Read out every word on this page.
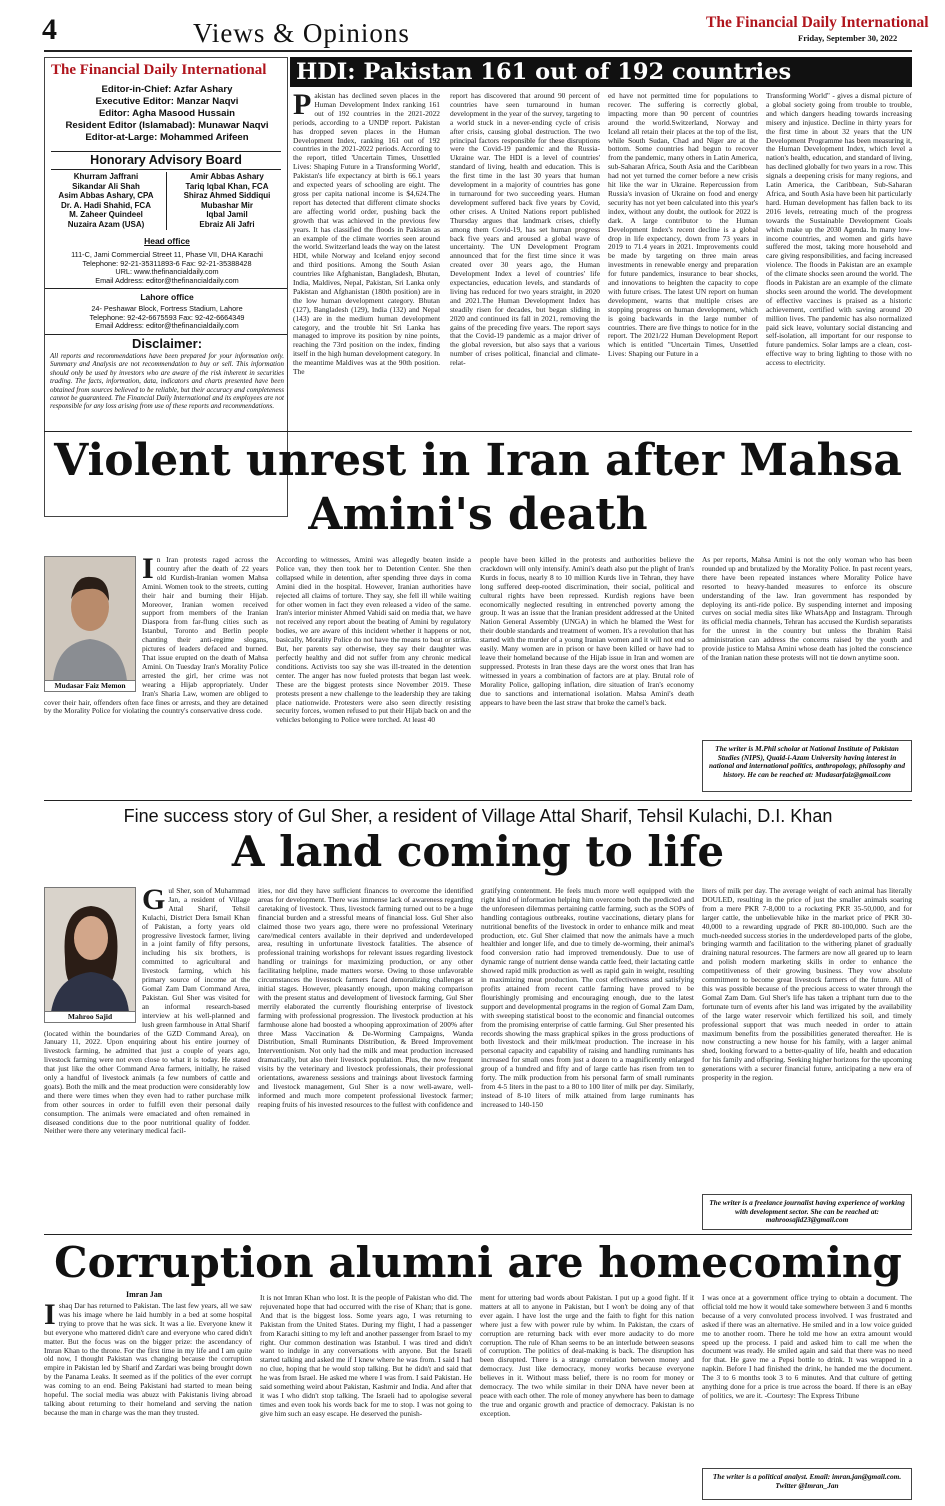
4	Views & Opinions	The Financial Daily International
Friday, September 30, 2022
The Financial Daily International
Editor-in-Chief: Azfar Ashary
Executive Editor: Manzar Naqvi
Editor: Agha Masood Hussain
Resident Editor (Islamabad): Munawar Naqvi
Editor-at-Large: Mohammed Arifeen
Honorary Advisory Board
Khurram Jaffrani
Sikandar Ali Shah
Asim Abbas Ashary, CPA
Dr. A. Hadi Shahid, FCA
M. Zaheer Quindeel
Nuzaira Azam (USA)
Amir Abbas Ashary
Tariq Iqbal Khan, FCA
Shiraz Ahmed Siddiqui
Mubashar Mir
Iqbal Jamil
Ebraiz Ali Jafri
Head office
111-C, Jami Commercial Street 11, Phase VII, DHA Karachi
Telephone: 92-21-35311893-6 Fax: 92-21-35388428
URL: www.thefinancialdaily.com
Email Address: editor@thefinancialdaily.com
Lahore office
24- Peshawar Block, Fortress Stadium, Lahore
Telephone: 92-42-6675593 Fax: 92-42-6664349
Email Address: editor@thefinancialdaily.com
Disclaimer:
All reports and recommendations have been prepared for your information only. Summary and Analysis are not recommendation to buy or sell. This information should only be used by investors who are aware of the risk inherent in securities trading. The facts, information, data, indicators and charts presented have been obtained from sources believed to be reliable, but their accuracy and completeness cannot be guaranteed. The Financial Daily International and its employees are not responsible for any loss arising from use of these reports and recommendations.
HDI: Pakistan 161 out of 192 countries
Pakistan has declined seven places in the Human Development Index ranking 161 out of 192 countries in the 2021-2022 periods, according to a UNDP report. Pakistan has dropped seven places in the Human Development Index, ranking 161 out of 192 countries in the 2021-2022 periods. According to the report, titled 'Uncertain Times, Unsettled Lives: Shaping Future in a Transforming World', Pakistan's life expectancy at birth is 66.1 years and expected years of schooling are eight. The gross per capita national income is $4,624.The report has detected that different climate shocks are affecting world order, pushing back the growth that was achieved in the previous few years. It has classified the floods in Pakistan as an example of the climate worries seen around the world. Switzerland leads the way on the latest HDI, while Norway and Iceland enjoy second and third positions. Among the South Asian countries like Afghanistan, Bangladesh, Bhutan, India, Maldives, Nepal, Pakistan, Sri Lanka only Pakistan and Afghanistan (180th position) are in the low human development category. Bhutan (127), Bangladesh (129), India (132) and Nepal (143) are in the medium human development category, and the trouble hit Sri Lanka has managed to improve its position by nine points, reaching the 73rd position on the index, finding itself in the high human development category. In the meantime Maldives was at the 90th position. The
report has discovered that around 90 percent of countries have seen turnaround in human development in the year of the survey, targeting to a world stuck in a never-ending cycle of crisis after crisis, causing global destruction. The two principal factors responsible for these disruptions were the Covid-19 pandemic and the Russia-Ukraine war. The HDI is a level of countries' standard of living, health and education. This is the first time in the last 30 years that human development in a majority of countries has gone in turnaround for two succeeding years. Human development suffered back five years by Covid, other crises. A United Nations report published Thursday argues that landmark crises, chiefly among them Covid-19, has set human progress back five years and aroused a global wave of uncertainty. The UN Development Program announced that for the first time since it was created over 30 years ago, the Human Development Index a level of countries' life expectancies, education levels, and standards of living has reduced for two years straight, in 2020 and 2021.The Human Development Index has steadily risen for decades, but began sliding in 2020 and continued its fall in 2021, removing the gains of the preceding five years. The report says that the Covid-19 pandemic as a major driver of the global reversion, but also says that a various number of crises political, financial and climate-relat-
ed have not permitted time for populations to recover. The suffering is correctly global, impacting more than 90 percent of countries around the world.Switzerland, Norway and Iceland all retain their places at the top of the list, while South Sudan, Chad and Niger are at the bottom. Some countries had begun to recover from the pandemic, many others in Latin America, sub-Saharan Africa, South Asia and the Caribbean had not yet turned the corner before a new crisis hit like the war in Ukraine. Repercussion from Russia's invasion of Ukraine on food and energy security has not yet been calculated into this year's index, without any doubt, the outlook for 2022 is dark. A large contributor to the Human Development Index's recent decline is a global drop in life expectancy, down from 73 years in 2019 to 71.4 years in 2021. Improvements could be made by targeting on three main areas investments in renewable energy and preparation for future pandemics, insurance to bear shocks, and innovations to heighten the capacity to cope with future crises. The latest UN report on human development, warns that multiple crises are stopping progress on human development, which is going backwards in the large number of countries. There are five things to notice for in the report. The 2021/22 Human Development Report which is entitled "Uncertain Times, Unsettled Lives: Shaping our Future in a
Transforming World" - gives a dismal picture of a global society going from trouble to trouble, and which dangers heading towards increasing misery and injustice. Decline in thirty years for the first time in about 32 years that the UN Development Programme has been measuring it, the Human Development Index, which level a nation's health, education, and standard of living, has declined globally for two years in a row. This signals a deepening crisis for many regions, and Latin America, the Caribbean, Sub-Saharan Africa, and South Asia have been hit particularly hard. Human development has fallen back to its 2016 levels, retreating much of the progress towards the Sustainable Development Goals which make up the 2030 Agenda. In many low-income countries, and women and girls have suffered the most, taking more household and care giving responsibilities, and facing increased violence. The floods in Pakistan are an example of the climate shocks seen around the world. The floods in Pakistan are an example of the climate shocks seen around the world. The development of effective vaccines is praised as a historic achievement, certified with saving around 20 million lives. The pandemic has also normalized paid sick leave, voluntary social distancing and self-isolation, all important for our response to future pandemics. Solar lamps are a clean, cost-effective way to bring lighting to those with no access to electricity.
Violent unrest in Iran after Mahsa
Amini's death
Mudasar Faiz Memon
In Iran protests raged across the country after the death of 22 years old Kurdish-Iranian women Mahsa Amini. Women took to the streets, cutting their hair and burning their Hijab. Moreover, Iranian women received support from members of the Iranian Diaspora from far-flung cities such as Istanbul, Toronto and Berlin people chanting their anti-regime slogans, pictures of leaders defaced and burned. That issue erupted on the death of Mahsa Amini. On Tuesday Iran's Morality Police arrested the girl, her crime was not wearing a Hijab appropriately. Under Iran's Sharia Law, women are obliged to cover their hair, offenders often face fines or arrests, and they are detained by the Morality Police for violating the country's conservative dress code.
According to witnesses, Amini was allegedly beaten inside a Police van, they then took her to Detention Center. She then collapsed while in detention, after spending three days in coma Amini died in the hospital. However, Iranian authorities have rejected all claims of torture. They say, she fell ill while waiting for other women in fact they even released a video of the same. Iran's interior minister Ahmed Vahidi said on media that, we have not received any report about the beating of Amini by regulatory bodies, we are aware of this incident whether it happens or not, basically, Morality Police do not have the means to beat or strike. But, her parents say otherwise, they say their daughter was perfectly healthy and did not suffer from any chronic medical conditions. Activists too say she was ill-treated in the detention center. The anger has now fueled protests that began last week. These are the biggest protests since November 2019. These protests present a new challenge to the leadership they are taking place nationwide. Protesters were also seen directly resisting security forces, women refused to put their Hijab back on and the vehicles belonging to Police were torched. At least 40
people have been killed in the protests and authorities believe the crackdown will only intensify. Amini's death also put the plight of Iran's Kurds in focus, nearly 8 to 10 million Kurds live in Tehran, they have long suffered deep-rooted discrimination, their social, political and cultural rights have been repressed. Kurdish regions have been economically neglected resulting in entrenched poverty among the group. It was an issue that the Iranian president addressed at the United Nation General Assembly (UNGA) in which he blamed the West for their double standards and treatment of women. It's a revolution that has started with the murder of a young Iranian women and it will not end so easily. Many women are in prison or have been killed or have had to leave their homeland because of the Hijab issue in Iran and women are suppressed. Protests in Iran these days are the worst ones that Iran has witnessed in years a combination of factors are at play. Brutal role of Morality Police, galloping inflation, dire situation of Iran's economy due to sanctions and international isolation. Mahsa Amini's death appears to have been the last straw that broke the camel's back.
As per reports, Mahsa Amini is not the only woman who has been rounded up and brutalized by the Morality Police. In past recent years, there have been repeated instances where Morality Police have resorted to heavy-handed measures to enforce its obscure understanding of the law. Iran government has responded by deploying its anti-ride police. By suspending internet and imposing curves on social media sites like WhatsApp and Instagram. Through its official media channels, Tehran has accused the Kurdish separatists for the unrest in the country but unless the Ibrahim Raisi administration can address the concerns raised by the youth and provide justice to Mahsa Amini whose death has jolted the conscience of the Iranian nation these protests will not tie down anytime soon.
The writer is M.Phil scholar at National Institute of Pakistan Studies (NIPS), Quaid-i-Azam University having interest in national and international politics, anthropology, philosophy and history. He can be reached at: Mudasarfaiz@gmail.com
Fine success story of Gul Sher, a resident of Village Attal Sharif, Tehsil Kulachi, D.I. Khan
A land coming to life
Mahroo Sajid
Gul Sher, son of Muhammad Jan, a resident of Village Attal Sharif, Tehsil Kulachi, District Dera Ismail Khan of Pakistan, a forty years old progressive livestock farmer, living in a joint family of fifty persons, including his six brothers, is committed to agricultural and livestock farming, which his primary source of income at the Gomal Zam Dam Command Area, Pakistan. Gul Sher was visited for an informal research-based interview at his well-planned and lush green farmhouse in Attal Sharif (located within the boundaries of the GZD Command Area), on January 11, 2022. Upon enquiring about his entire journey of livestock farming, he admitted that just a couple of years ago, livestock farming were not even close to what it is today. He stated that just like the other Command Area farmers, initially, he raised only a handful of livestock animals (a few numbers of cattle and goats). Both the milk and the meat production were considerably low and there were times when they even had to rather purchase milk from other sources in order to fulfill even their personal daily consumption. The animals were emaciated and often remained in diseased conditions due to the poor nutritional quality of fodder. Neither were there any veterinary medical facil-
ities, nor did they have sufficient finances to overcome the identified areas for development. There was immense lack of awareness regarding caretaking of livestock. Thus, livestock farming turned out to be a huge financial burden and a stressful means of financial loss. Gul Sher also claimed those two years ago, there were no professional Veterinary care/medical centers available in their deprived and underdeveloped area, resulting in unfortunate livestock fatalities. The absence of professional training workshops for relevant issues regarding livestock handling or trainings for maximizing production, or any other facilitating helpline, made matters worse. Owing to those unfavorable circumstances the livestock farmers faced demoralizing challenges at initial stages. However, pleasantly enough, upon making comparison with the present status and development of livestock farming, Gul Sher merrily elaborated the currently flourishing enterprise of livestock farming with professional progression. The livestock production at his farmhouse alone had boosted a whooping approximation of 200% after three Mass Vaccination & De-Worming Campaigns, Wanda Distribution, Small Ruminants Distribution, & Breed Improvement Interventionism. Not only had the milk and meat production increased dramatically, but also their livestock population. Plus, the now frequent visits by the veterinary and livestock professionals, their professional orientations, awareness sessions and trainings about livestock farming and livestock management, Gul Sher is a now well-aware, well-informed and much more competent professional livestock farmer; reaping fruits of his invested resources to the fullest with confidence and
gratifying contentment. He feels much more well equipped with the right kind of information helping him overcome both the predicted and the unforeseen dilemmas pertaining cattle farming, such as the SOPs of handling contagious outbreaks, routine vaccinations, dietary plans for nutritional benefits of the livestock in order to enhance milk and meat production, etc. Gul Sher claimed that now the animals have a much healthier and longer life, and due to timely de-worming, their animal's food conversion ratio had improved tremendously. Due to use of dynamic range of nutrient dense wanda cattle feed, their lactating cattle showed rapid milk production as well as rapid gain in weight, resulting in maximizing meat production. The cost effectiveness and satisfying profits attained from recent cattle farming have proved to be flourishingly promising and encouraging enough, due to the latest support and developmental programs in the region of Gomal Zam Dam, with sweeping statistical boost to the economic and financial outcomes from the promising enterprise of cattle farming. Gul Sher presented his records showing the mass graphical spikes in the gross productions of both livestock and their milk/meat production. The increase in his personal capacity and capability of raising and handling ruminants has increased for small ones from just a dozen to a magnificently enlarged group of a hundred and fifty and of large cattle has risen from ten to forty. The milk production from his personal farm of small ruminants from 4-5 liters in the past to a 80 to 100 liter of milk per day. Similarly, instead of 8-10 liters of milk attained from large ruminants has increased to 140-150
liters of milk per day. The average weight of each animal has literally DOULED, resulting in the price of just the smaller animals soaring from a mere PKR 7-8,000 to a rocketing PKR 35-50,000, and for larger cattle, the unbelievable hike in the market price of PKR 30-40,000 to a rewarding upgrade of PKR 80-100,000. Such are the much-needed success stories in the underdeveloped parts of the globe, bringing warmth and facilitation to the withering planet of gradually draining natural resources. The farmers are now all geared up to learn and polish modern marketing skills in order to enhance the competitiveness of their growing business. They vow absolute commitment to become great livestock farmers of the future. All of this was possible because of the precious access to water through the Gomal Zam Dam. Gul Sher's life has taken a triphant turn due to the fortunate turn of events after his land was irrigated by the availability of the large water reservoir which fertilized his soil, and timely professional support that was much needed in order to attain maximum benefits from the possibilities generated thereafter. He is now constructing a new house for his family, with a larger animal shed, looking forward to a better-quality of life, health and education for his family and offspring. Seeking higher horizons for the upcoming generations with a securer financial future, anticipating a new era of prosperity in the region.
The writer is a freelance journalist having experience of working with development sector. She can be reached at: mahroosajid23@gmail.com
Corruption alumni are homecoming
Imran Jan
Ishaq Dar has returned to Pakistan. The last few years, all we saw was his image where he laid humbly in a bed at some hospital trying to prove that he was sick. It was a lie. Everyone knew it but everyone who mattered didn't care and everyone who cared didn't matter. But the focus was on the bigger prize: the ascendancy of Imran Khan to the throne. For the first time in my life and I am quite old now, I thought Pakistan was changing because the corruption empire in Pakistan led by Sharif and Zardari was being brought down by the Panama Leaks. It seemed as if the politics of the ever corrupt was coming to an end. Being Pakistani had started to mean being hopeful. The social media was abuzz with Pakistanis living abroad talking about returning to their homeland and serving the nation because the man in charge was the man they trusted.
It is not Imran Khan who lost. It is the people of Pakistan who did. The rejuvenated hope that had occurred with the rise of Khan; that is gone. And that is the biggest loss. Some years ago, I was returning to Pakistan from the United States. During my flight, I had a passenger from Karachi sitting to my left and another passenger from Israel to my right. Our common destination was Istanbul. I was tired and didn't want to indulge in any conversations with anyone. But the Israeli started talking and asked me if I knew where he was from. I said I had no clue, hoping that he would stop talking. But he didn't and said that he was from Israel. He asked me where I was from. I said Pakistan. He said something weird about Pakistan, Kashmir and India. And after that it was I who didn't stop talking. The Israeli had to apologise several times and even took his words back for me to stop. I was not going to give him such an easy escape. He deserved the punish-
ment for uttering bad words about Pakistan. I put up a good fight. If it matters at all to anyone in Pakistan, but I won't be doing any of that ever again. I have lost the urge and the faith to fight for this nation where just a few with power rule by whim. In Pakistan, the czars of corruption are returning back with ever more audacity to do more corruption. The rule of Khan seems to be an interlude between seasons of corruption. The politics of deal-making is back. The disruption has been disrupted. There is a strange correlation between money and democracy. Just like democracy, money works because everyone believes in it. Without mass belief, there is no room for money or democracy. The two while similar in their DNA have never been at peace with each other. The role of money anywhere has been to damage the true and organic growth and practice of democracy. Pakistan is no exception.
I was once at a government office trying to obtain a document. The official told me how it would take somewhere between 3 and 6 months because of a very convoluted process involved. I was frustrated and asked if there was an alternative. He smiled and in a low voice guided me to another room. There he told me how an extra amount would speed up the process. I paid and asked him to call me when the document was ready. He smiled again and said that there was no need for that. He gave me a Pepsi bottle to drink. It was wrapped in a napkin. Before I had finished the drink, he handed me the document. The 3 to 6 months took 3 to 6 minutes. And that culture of getting anything done for a price is true across the board. If there is an eBay of politics, we are it. -Courtesy: The Express Tribune
The writer is a political analyst. Email: imran.jan@gmail.com. Twitter @Imran_Jan
